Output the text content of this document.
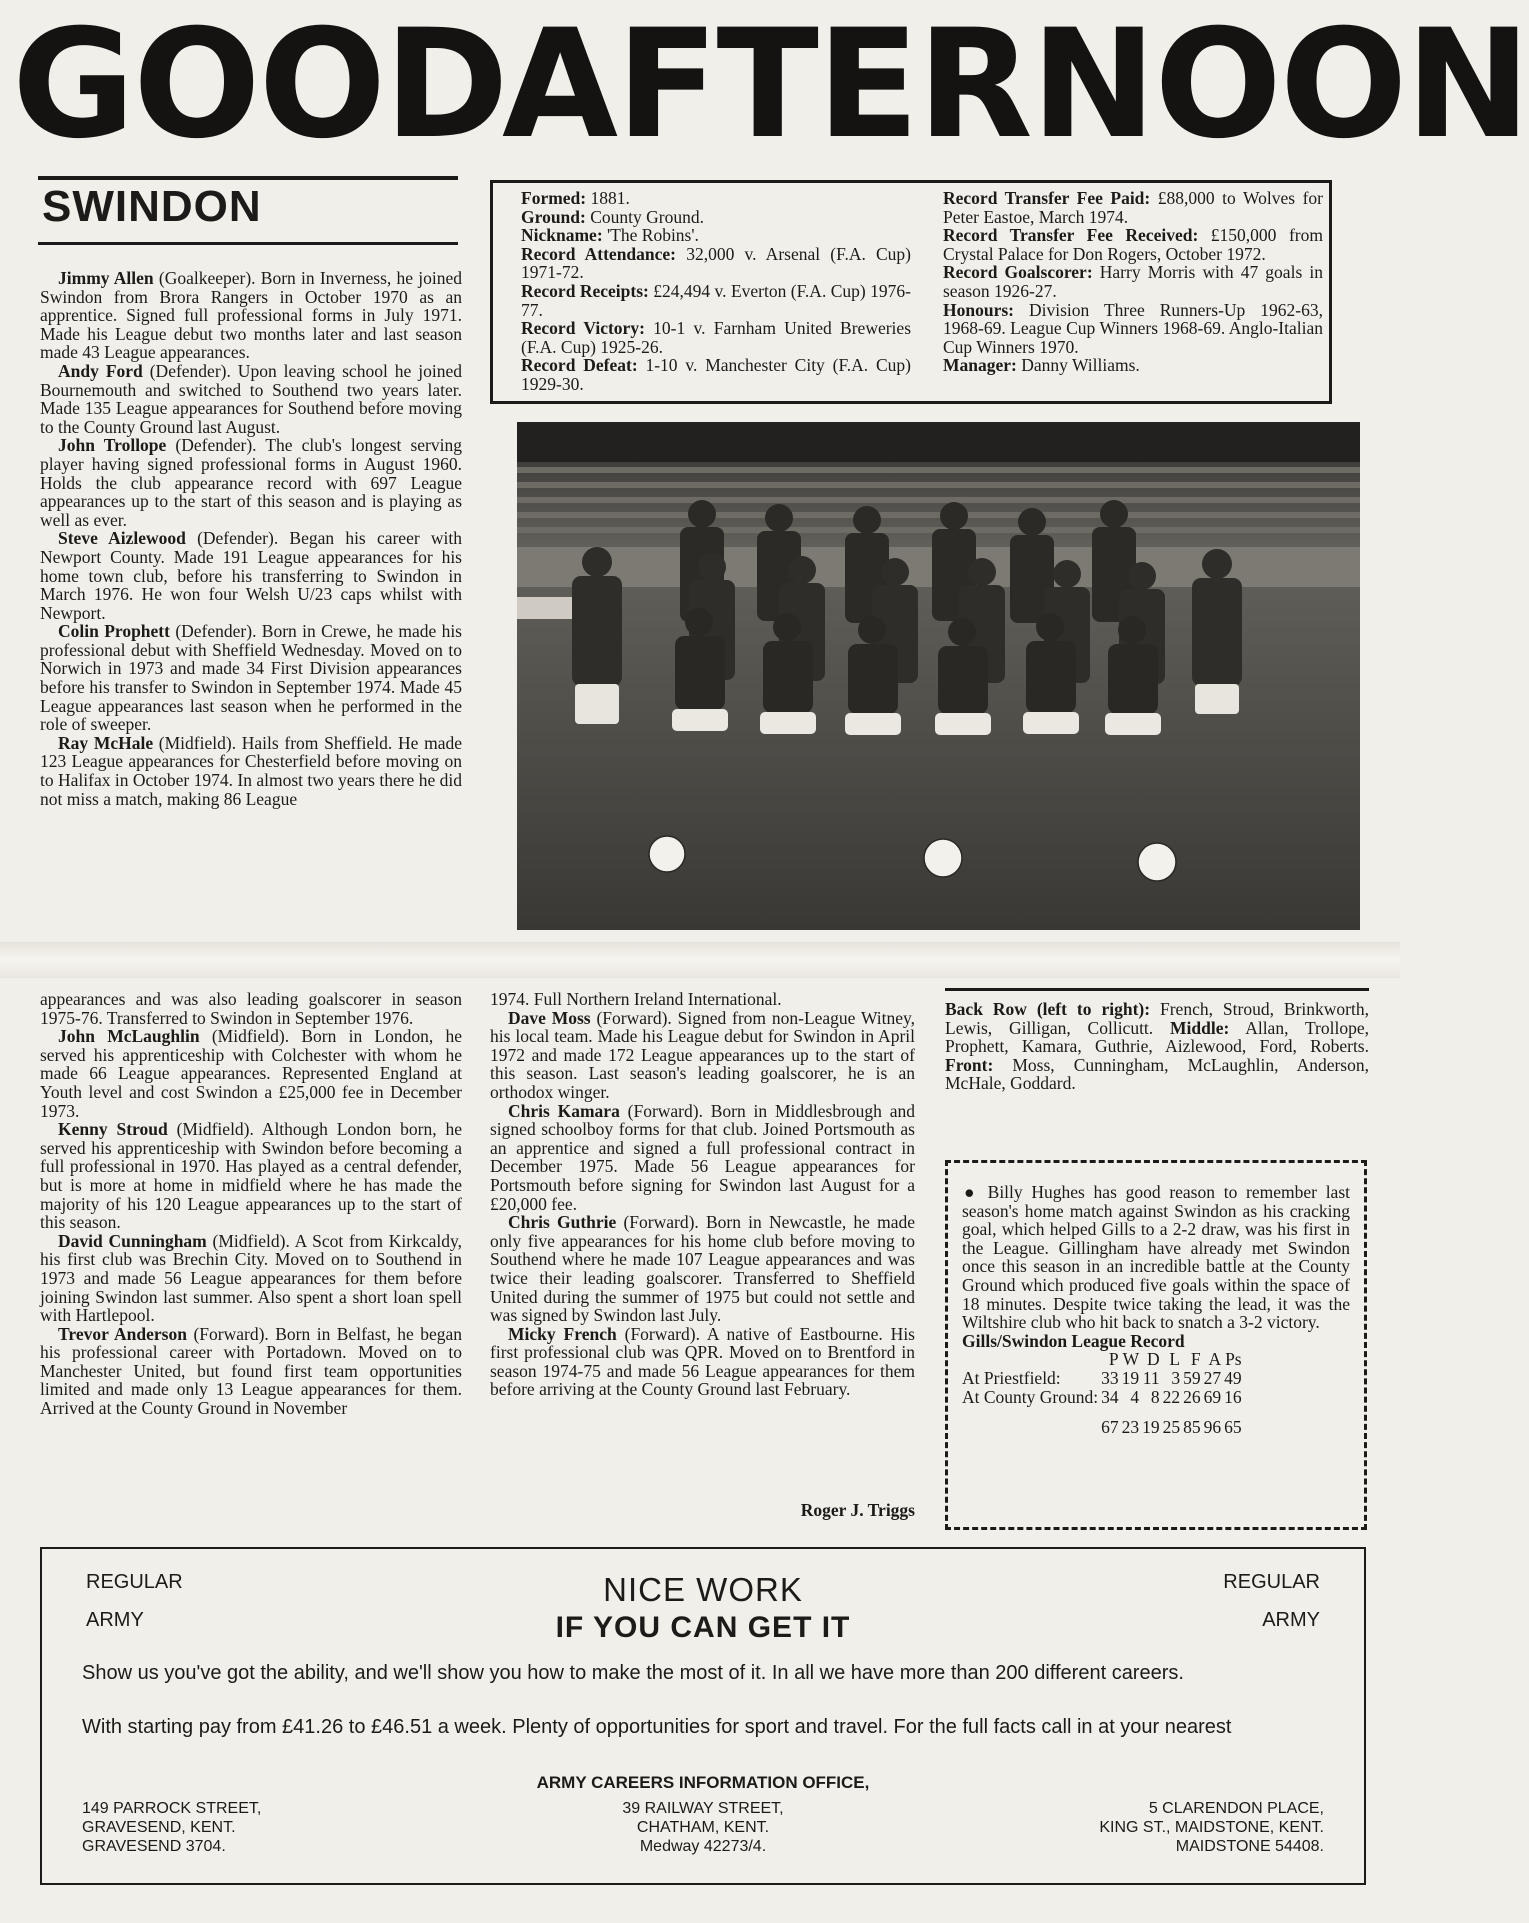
GOOD
AFTERNOON
SWINDON

Jimmy Allen (Goalkeeper). Born in Inverness, he joined Swindon from Brora Rangers in October 1970 as an apprentice. Signed full professional forms in July 1971. Made his League debut two months later and last season made 43 League appearances.

Andy Ford (Defender). Upon leaving school he joined Bournemouth and switched to Southend two years later. Made 135 League appearances for Southend before moving to the County Ground last August.

John Trollope (Defender). The club's longest serving player having signed professional forms in August 1960. Holds the club appearance record with 697 League appearances up to the start of this season and is playing as well as ever.

Steve Aizlewood (Defender). Began his career with Newport County. Made 191 League appearances for his home town club, before his transferring to Swindon in March 1976. He won four Welsh U/23 caps whilst with Newport.

Colin Prophett (Defender). Born in Crewe, he made his professional debut with Sheffield Wednesday. Moved on to Norwich in 1973 and made 34 First Division appearances before his transfer to Swindon in September 1974. Made 45 League appearances last season when he performed in the role of sweeper.

Ray McHale (Midfield). Hails from Sheffield. He made 123 League appearances for Chesterfield before moving on to Halifax in October 1974. In almost two years there he did not miss a match, making 86 League

Formed: 1881.
Ground: County Ground.
Nickname: 'The Robins'.
Record Attendance: 32,000 v. Arsenal (F.A. Cup) 1971-72.
Record Receipts: £24,494 v. Everton (F.A. Cup) 1976-77.
Record Victory: 10-1 v. Farnham United Breweries (F.A. Cup) 1925-26.
Record Defeat: 1-10 v. Manchester City (F.A. Cup) 1929-30.
Record Transfer Fee Paid: £88,000 to Wolves for Peter Eastoe, March 1974.
Record Transfer Fee Received: £150,000 from Crystal Palace for Don Rogers, October 1972.
Record Goalscorer: Harry Morris with 47 goals in season 1926-27.
Honours: Division Three Runners-Up 1962-63, 1968-69. League Cup Winners 1968-69. Anglo-Italian Cup Winners 1970.
Manager: Danny Williams.

appearances and was also leading goalscorer in season 1975-76. Transferred to Swindon in September 1976.

John McLaughlin (Midfield). Born in London, he served his apprenticeship with Colchester with whom he made 66 League appearances. Represented England at Youth level and cost Swindon a £25,000 fee in December 1973.

Kenny Stroud (Midfield). Although London born, he served his apprenticeship with Swindon before becoming a full professional in 1970. Has played as a central defender, but is more at home in midfield where he has made the majority of his 120 League appearances up to the start of this season.

David Cunningham (Midfield). A Scot from Kirkcaldy, his first club was Brechin City. Moved on to Southend in 1973 and made 56 League appearances for them before joining Swindon last summer. Also spent a short loan spell with Hartlepool.

Trevor Anderson (Forward). Born in Belfast, he began his professional career with Portadown. Moved on to Manchester United, but found first team opportunities limited and made only 13 League appearances for them. Arrived at the County Ground in November

1974. Full Northern Ireland International.

Dave Moss (Forward). Signed from non-League Witney, his local team. Made his League debut for Swindon in April 1972 and made 172 League appearances up to the start of this season. Last season's leading goalscorer, he is an orthodox winger.

Chris Kamara (Forward). Born in Middlesbrough and signed schoolboy forms for that club. Joined Portsmouth as an apprentice and signed a full professional contract in December 1975. Made 56 League appearances for Portsmouth before signing for Swindon last August for a £20,000 fee.

Chris Guthrie (Forward). Born in Newcastle, he made only five appearances for his home club before moving to Southend where he made 107 League appearances and was twice their leading goalscorer. Transferred to Sheffield United during the summer of 1975 but could not settle and was signed by Swindon last July.

Micky French (Forward). A native of Eastbourne. His first professional club was QPR. Moved on to Brentford in season 1974-75 and made 56 League appearances for them before arriving at the County Ground last February.

Roger J. Triggs
Back Row (left to right): French, Stroud, Brinkworth, Lewis, Gilligan, Collicutt. Middle: Allan, Trollope, Prophett, Kamara, Guthrie, Aizlewood, Ford, Roberts. Front: Moss, Cunningham, McLaughlin, Anderson, McHale, Goddard.
● Billy Hughes has good reason to remember last season's home match against Swindon as his cracking goal, which helped Gills to a 2-2 draw, was his first in the League. Gillingham have already met Swindon once this season in an incredible battle at the County Ground which produced five goals within the space of 18 minutes. Despite twice taking the lead, it was the Wiltshire club who hit back to snatch a 3-2 victory.
Gills/Swindon League Record
	P	W	D	L	F	A	Ps
At Priestfield:	33	19	11	3	59	27	49
At County Ground:	34	4	8	22	26	69	16

	67	23	19	25	85	96	65
REGULAR
ARMY
REGULAR
ARMY
NICE WORK
IF YOU CAN GET IT
Show us you've got the ability, and we'll show you how to make the most of it. In all we have more than 200 different careers.
With starting pay from £41.26 to £46.51 a week. Plenty of opportunities for sport and travel. For the full facts call in at your nearest
ARMY CAREERS INFORMATION OFFICE,
149 PARROCK STREET,
GRAVESEND, KENT.
GRAVESEND 3704.
39 RAILWAY STREET,
CHATHAM, KENT.
Medway 42273/4.
5 CLARENDON PLACE,
KING ST., MAIDSTONE, KENT.
MAIDSTONE 54408.
